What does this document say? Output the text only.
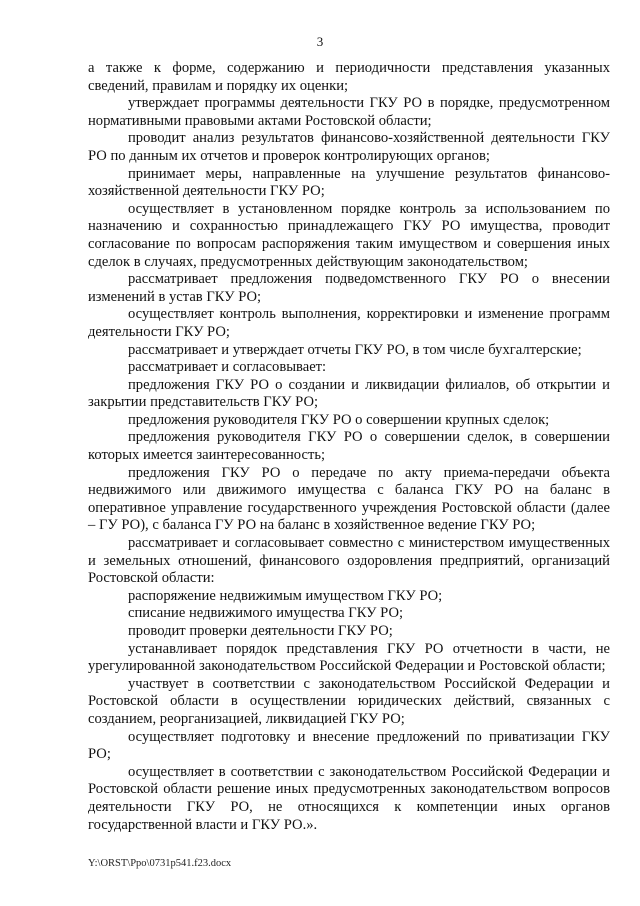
3

а также к форме, содержанию и периодичности представления указанных сведений, правилам и порядку их оценки;

утверждает программы деятельности ГКУ РО в порядке, предусмотренном нормативными правовыми актами Ростовской области;

проводит анализ результатов финансово-хозяйственной деятельности ГКУ РО по данным их отчетов и проверок контролирующих органов;

принимает меры, направленные на улучшение результатов финансово-хозяйственной деятельности ГКУ РО;

осуществляет в установленном порядке контроль за использованием по назначению и сохранностью принадлежащего ГКУ РО имущества, проводит согласование по вопросам распоряжения таким имуществом и совершения иных сделок в случаях, предусмотренных действующим законодательством;

рассматривает предложения подведомственного ГКУ РО о внесении изменений в устав ГКУ РО;

осуществляет контроль выполнения, корректировки и изменение программ деятельности ГКУ РО;

рассматривает и утверждает отчеты ГКУ РО, в том числе бухгалтерские;

рассматривает и согласовывает:

предложения ГКУ РО о создании и ликвидации филиалов, об открытии и закрытии представительств ГКУ РО;

предложения руководителя ГКУ РО о совершении крупных сделок;

предложения руководителя ГКУ РО о совершении сделок, в совершении которых имеется заинтересованность;

предложения ГКУ РО о передаче по акту приема-передачи объекта недвижимого или движимого имущества с баланса ГКУ РО на баланс в оперативное управление государственного учреждения Ростовской области (далее – ГУ РО), с баланса ГУ РО на баланс в хозяйственное ведение ГКУ РО;

рассматривает и согласовывает совместно с министерством имущественных и земельных отношений, финансового оздоровления предприятий, организаций Ростовской области:

распоряжение недвижимым имуществом ГКУ РО;

списание недвижимого имущества ГКУ РО;

проводит проверки деятельности ГКУ РО;

устанавливает порядок представления ГКУ РО отчетности в части, не урегулированной законодательством Российской Федерации и Ростовской области;

участвует в соответствии с законодательством Российской Федерации и Ростовской области в осуществлении юридических действий, связанных с созданием, реорганизацией, ликвидацией ГКУ РО;

осуществляет подготовку и внесение предложений по приватизации ГКУ РО;

осуществляет в соответствии с законодательством Российской Федерации и Ростовской области решение иных предусмотренных законодательством вопросов деятельности ГКУ РО, не относящихся к компетенции иных органов государственной власти и ГКУ РО.».

Y:\ORST\Ppo\0731p541.f23.docx
